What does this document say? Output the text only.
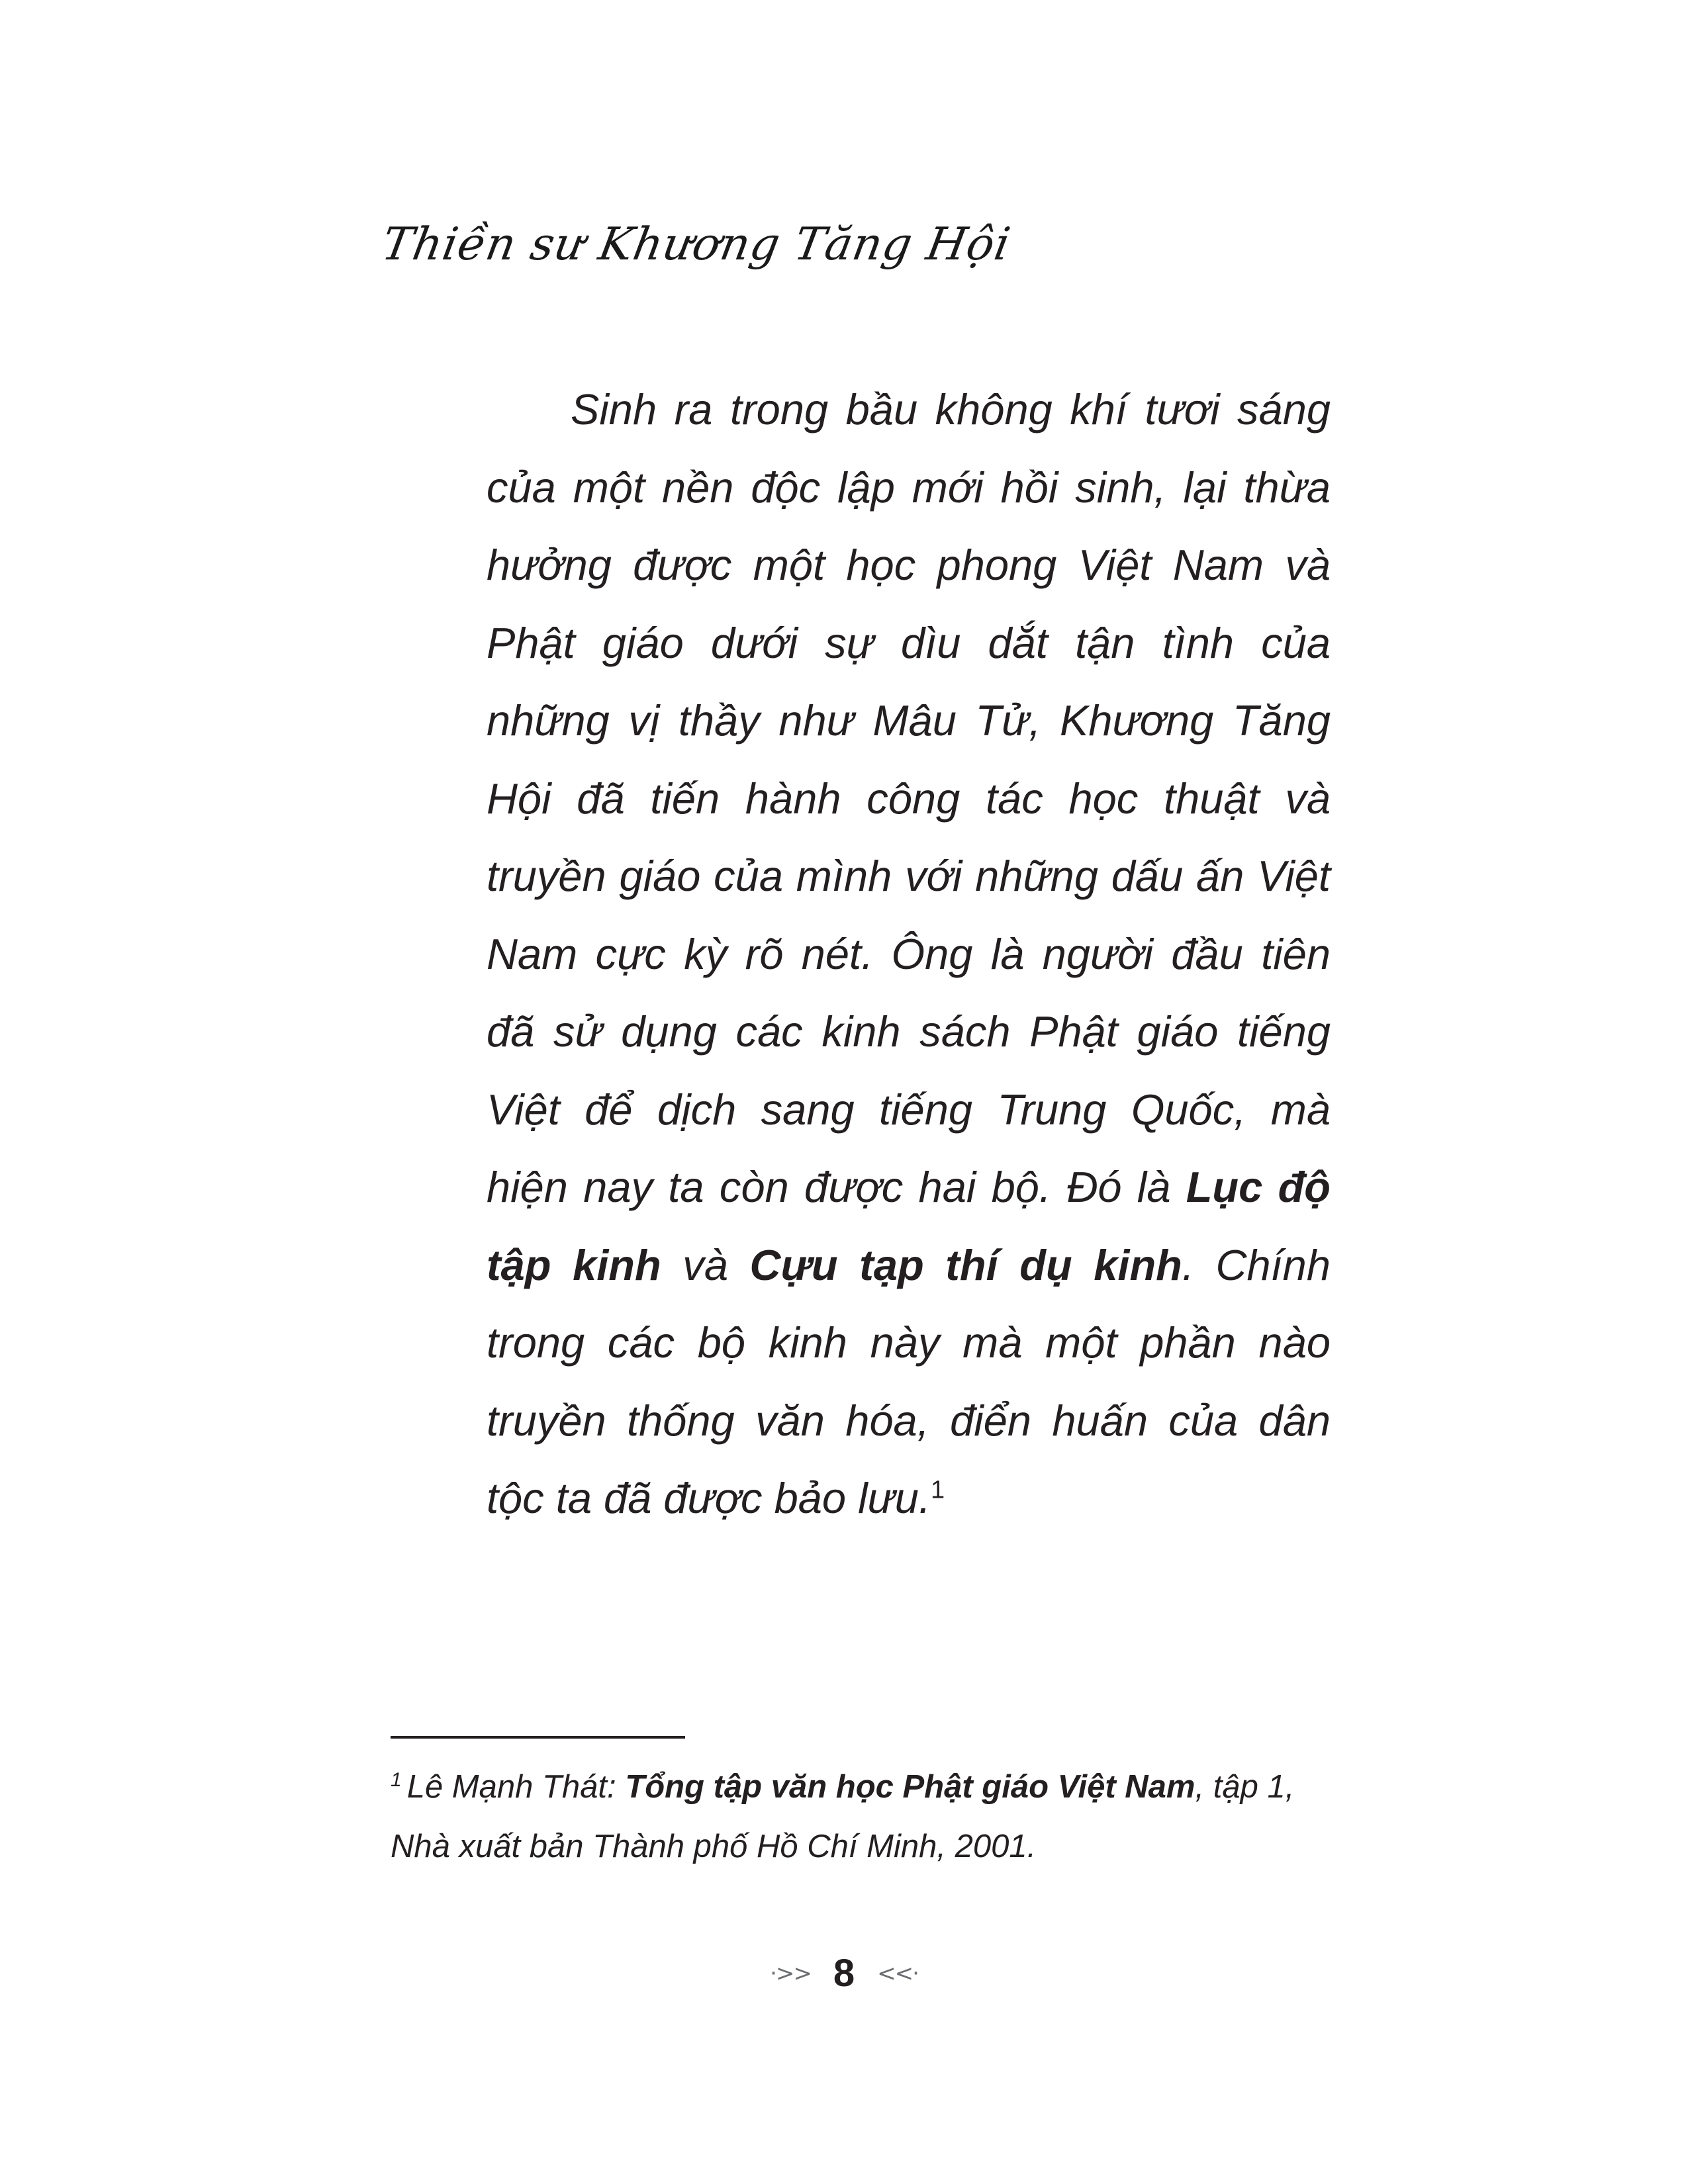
Thiền sư Khương Tăng Hội

Sinh ra trong bầu không khí tươi sáng của một nền độc lập mới hồi sinh, lại thừa hưởng được một học phong Việt Nam và Phật giáo dưới sự dìu dắt tận tình của những vị thầy như Mâu Tử, Khương Tăng Hội đã tiến hành công tác học thuật và truyền giáo của mình với những dấu ấn Việt Nam cực kỳ rõ nét. Ông là người đầu tiên đã sử dụng các kinh sách Phật giáo tiếng Việt để dịch sang tiếng Trung Quốc, mà hiện nay ta còn được hai bộ. Đó là Lục độ tập kinh và Cựu tạp thí dụ kinh. Chính trong các bộ kinh này mà một phần nào truyền thống văn hóa, điển huấn của dân tộc ta đã được bảo lưu.$^1$

$^1$ Lê Mạnh Thát: Tổng tập văn học Phật giáo Việt Nam, tập 1, Nhà xuất bản Thành phố Hồ Chí Minh, 2001.
·>> 8 <<·
